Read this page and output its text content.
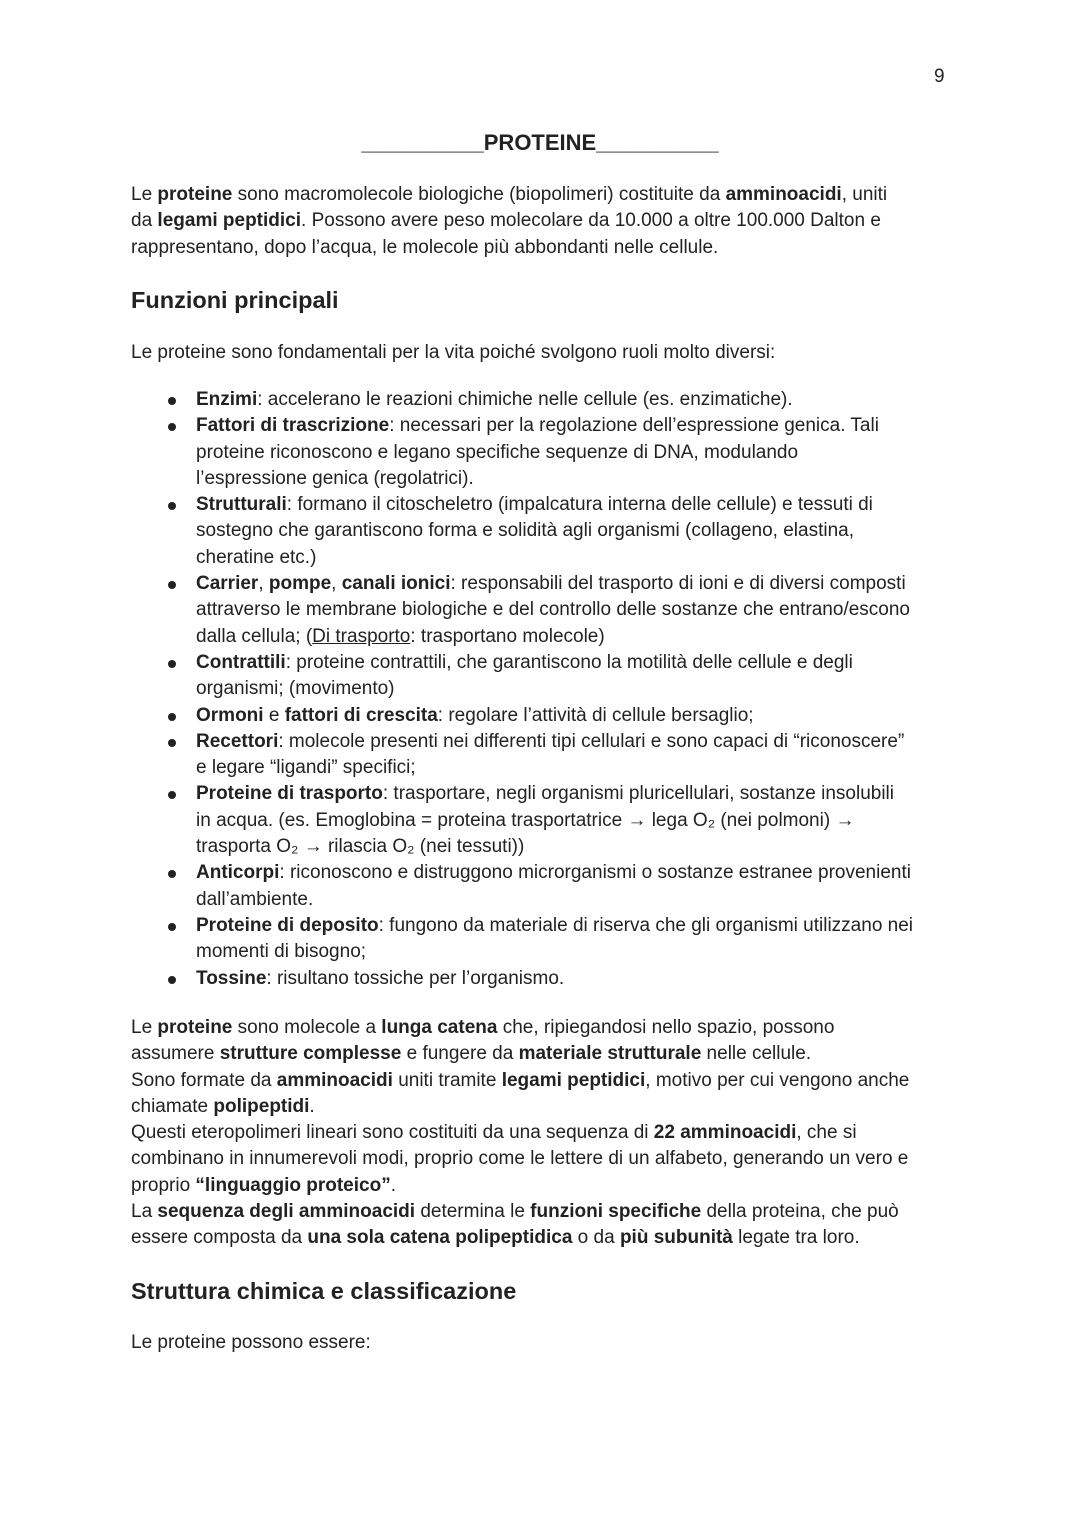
9
__________PROTEINE__________
Le proteine sono macromolecole biologiche (biopolimeri) costituite da amminoacidi, uniti
da legami peptidici. Possono avere peso molecolare da 10.000 a oltre 100.000 Dalton e
rappresentano, dopo l’acqua, le molecole più abbondanti nelle cellule.
Funzioni principali
Le proteine sono fondamentali per la vita poiché svolgono ruoli molto diversi:
Enzimi: accelerano le reazioni chimiche nelle cellule (es. enzimatiche).
Fattori di trascrizione: necessari per la regolazione dell’espressione genica. Tali
proteine riconoscono e legano specifiche sequenze di DNA, modulando
l’espressione genica (regolatrici).
Strutturali: formano il citoscheletro (impalcatura interna delle cellule) e tessuti di
sostegno che garantiscono forma e solidità agli organismi (collageno, elastina,
cheratine etc.)
Carrier, pompe, canali ionici: responsabili del trasporto di ioni e di diversi composti
attraverso le membrane biologiche e del controllo delle sostanze che entrano/escono
dalla cellula; (Di trasporto: trasportano molecole)
Contrattili: proteine contrattili, che garantiscono la motilità delle cellule e degli
organismi; (movimento)
Ormoni e fattori di crescita: regolare l’attività di cellule bersaglio;
Recettori: molecole presenti nei differenti tipi cellulari e sono capaci di “riconoscere”
e legare “ligandi” specifici;
Proteine di trasporto: trasportare, negli organismi pluricellulari, sostanze insolubili
in acqua. (es. Emoglobina = proteina trasportatrice → lega O₂ (nei polmoni) →
trasporta O₂ → rilascia O₂ (nei tessuti))
Anticorpi: riconoscono e distruggono microrganismi o sostanze estranee provenienti
dall’ambiente.
Proteine di deposito: fungono da materiale di riserva che gli organismi utilizzano nei
momenti di bisogno;
Tossine: risultano tossiche per l’organismo.
Le proteine sono molecole a lunga catena che, ripiegandosi nello spazio, possono
assumere strutture complesse e fungere da materiale strutturale nelle cellule.
Sono formate da amminoacidi uniti tramite legami peptidici, motivo per cui vengono anche
chiamate polipeptidi.
Questi eteropolimeri lineari sono costituiti da una sequenza di 22 amminoacidi, che si
combinano in innumerevoli modi, proprio come le lettere di un alfabeto, generando un vero e
proprio “linguaggio proteico”.
La sequenza degli amminoacidi determina le funzioni specifiche della proteina, che può
essere composta da una sola catena polipeptidica o da più subunità legate tra loro.
Struttura chimica e classificazione
Le proteine possono essere:
